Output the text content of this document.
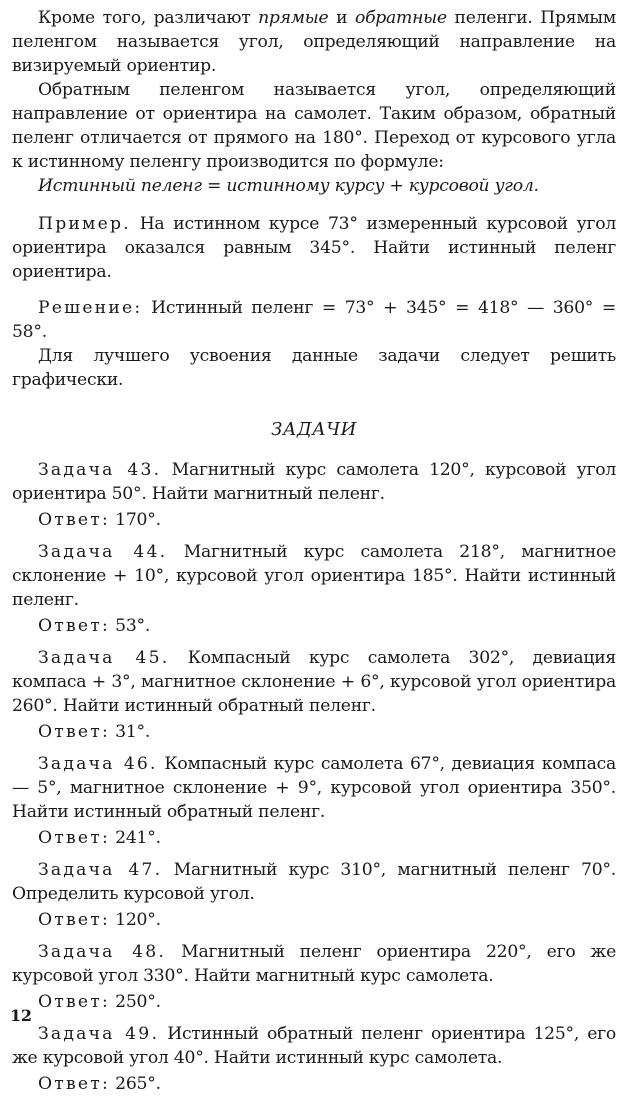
Кроме того, различают прямые и обратные пеленги. Прямым пеленгом называется угол, определяющий направление на визируемый ориентир.

Обратным пеленгом называется угол, определяющий направление от ориентира на самолет. Таким образом, обратный пеленг отличается от прямого на 180°. Переход от курсового угла к истинному пеленгу производится по формуле:

Истинный пеленг = истинному курсу + курсовой угол.

Пример. На истинном курсе 73° измеренный курсовой угол ориентира оказался равным 345°. Найти истинный пеленг ориентира.

Решение: Истинный пеленг = 73° + 345° = 418° — 360° = 58°.

Для лучшего усвоения данные задачи следует решить графически.

ЗАДАЧИ

Задача 43. Магнитный курс самолета 120°, курсовой угол ориентира 50°. Найти магнитный пеленг.

Ответ: 170°.

Задача 44. Магнитный курс самолета 218°, магнитное склонение + 10°, курсовой угол ориентира 185°. Найти истинный пеленг.

Ответ: 53°.

Задача 45. Компасный курс самолета 302°, девиация компаса + 3°, магнитное склонение + 6°, курсовой угол ориентира 260°. Найти истинный обратный пеленг.

Ответ: 31°.

Задача 46. Компасный курс самолета 67°, девиация компаса — 5°, магнитное склонение + 9°, курсовой угол ориентира 350°. Найти истинный обратный пеленг.

Ответ: 241°.

Задача 47. Магнитный курс 310°, магнитный пеленг 70°. Определить курсовой угол.

Ответ: 120°.

Задача 48. Магнитный пеленг ориентира 220°, его же курсовой угол 330°. Найти магнитный курс самолета.

Ответ: 250°.

Задача 49. Истинный обратный пеленг ориентира 125°, его же курсовой угол 40°. Найти истинный курс самолета.

Ответ: 265°.

12
